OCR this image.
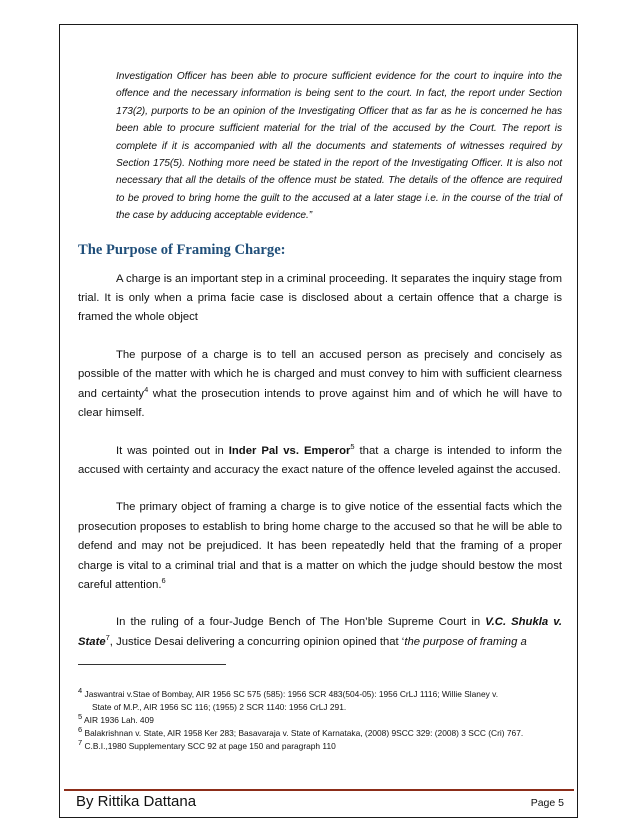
Investigation Officer has been able to procure sufficient evidence for the court to inquire into the offence and the necessary information is being sent to the court. In fact, the report under Section 173(2), purports to be an opinion of the Investigating Officer that as far as he is concerned he has been able to procure sufficient material for the trial of the accused by the Court. The report is complete if it is accompanied with all the documents and statements of witnesses required by Section 175(5). Nothing more need be stated in the report of the Investigating Officer. It is also not necessary that all the details of the offence must be stated. The details of the offence are required to be proved to bring home the guilt to the accused at a later stage i.e. in the course of the trial of the case by adducing acceptable evidence.”
The Purpose of Framing Charge:

A charge is an important step in a criminal proceeding. It separates the inquiry stage from trial. It is only when a prima facie case is disclosed about a certain offence that a charge is framed the whole object

The purpose of a charge is to tell an accused person as precisely and concisely as possible of the matter with which he is charged and must convey to him with sufficient clearness and certainty$^4$ what the prosecution intends to prove against him and of which he will have to clear himself.

It was pointed out in Inder Pal vs. Emperor$^5$ that a charge is intended to inform the accused with certainty and accuracy the exact nature of the offence leveled against the accused.

The primary object of framing a charge is to give notice of the essential facts which the prosecution proposes to establish to bring home charge to the accused so that he will be able to defend and may not be prejudiced. It has been repeatedly held that the framing of a proper charge is vital to a criminal trial and that is a matter on which the judge should bestow the most careful attention.$^6$

In the ruling of a four-Judge Bench of The Hon’ble Supreme Court in V.C. Shukla v. State$^7$, Justice Desai delivering a concurring opinion opined that ‘the purpose of framing a

$^4$ Jaswantrai v.Stae of Bombay, AIR 1956 SC 575 (585): 1956 SCR 483(504-05): 1956 CrLJ 1116; Willie Slaney v.

State of M.P., AIR 1956 SC 116; (1955) 2 SCR 1140: 1956 CrLJ 291.

$^5$ AIR 1936 Lah. 409

$^6$ Balakrishnan v. State, AIR 1958 Ker 283; Basavaraja v. State of Karnataka, (2008) 9SCC 329: (2008) 3 SCC (Cri) 767.

$^7$ C.B.I.,1980 Supplementary SCC 92 at page 150 and paragraph 110

By Rittika Dattana	Page 5
